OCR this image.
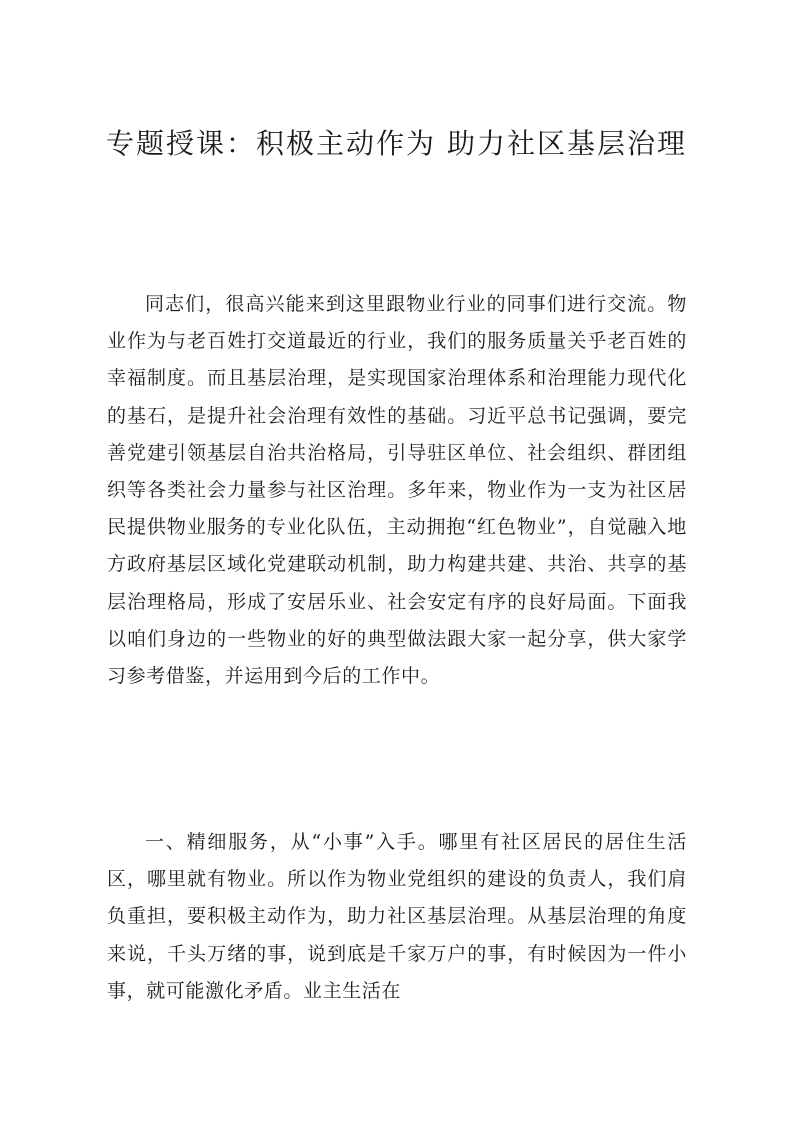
专题授课：积极主动作为 助力社区基层治理

同志们，很高兴能来到这里跟物业行业的同事们进行交流。物业作为与老百姓打交道最近的行业，我们的服务质量关乎老百姓的幸福制度。而且基层治理，是实现国家治理体系和治理能力现代化的基石，是提升社会治理有效性的基础。习近平总书记强调，要完善党建引领基层自治共治格局，引导驻区单位、社会组织、群团组织等各类社会力量参与社区治理。多年来，物业作为一支为社区居民提供物业服务的专业化队伍，主动拥抱“红色物业”，自觉融入地方政府基层区域化党建联动机制，助力构建共建、共治、共享的基层治理格局，形成了安居乐业、社会安定有序的良好局面。下面我以咱们身边的一些物业的好的典型做法跟大家一起分享，供大家学习参考借鉴，并运用到今后的工作中。

一、精细服务，从“小事”入手。哪里有社区居民的居住生活区，哪里就有物业。所以作为物业党组织的建设的负责人，我们肩负重担，要积极主动作为，助力社区基层治理。从基层治理的角度来说，千头万绪的事，说到底是千家万户的事，有时候因为一件小事，就可能激化矛盾。业主生活在
